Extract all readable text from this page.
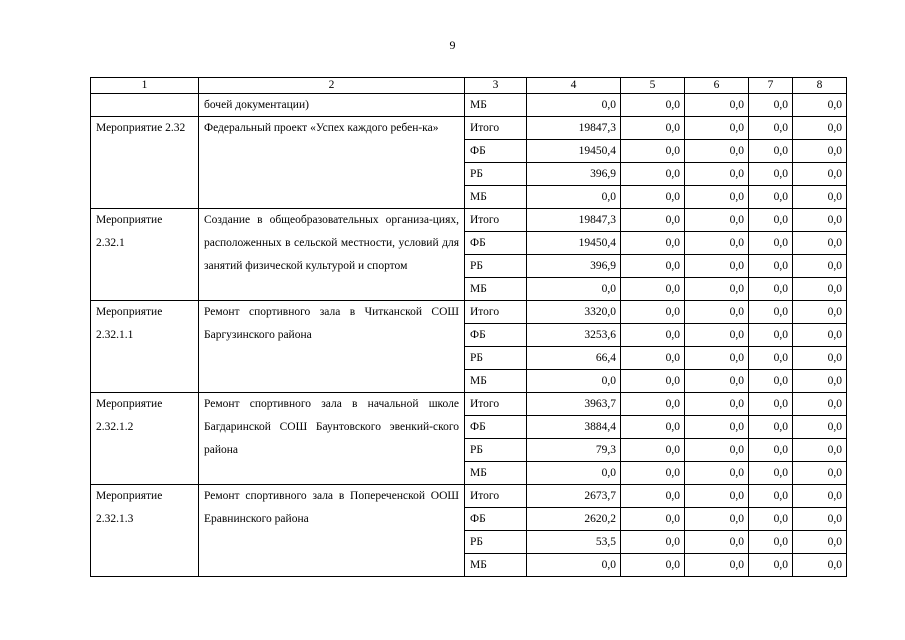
9
1	2	3	4	5	6	7	8
	бочей документации)	МБ	0,0	0,0	0,0	0,0	0,0
Мероприятие 2.32	Федеральный проект «Успех каждого ребен-ка»	Итого	19847,3	0,0	0,0	0,0	0,0
		ФБ	19450,4	0,0	0,0	0,0	0,0
		РБ	396,9	0,0	0,0	0,0	0,0
		МБ	0,0	0,0	0,0	0,0	0,0
Мероприятие 2.32.1	Создание в общеобразовательных организа-циях, расположенных в сельской местности, условий для занятий физической культурой и спортом	Итого	19847,3	0,0	0,0	0,0	0,0
		ФБ	19450,4	0,0	0,0	0,0	0,0
		РБ	396,9	0,0	0,0	0,0	0,0
		МБ	0,0	0,0	0,0	0,0	0,0
Мероприятие 2.32.1.1	Ремонт спортивного зала в Читканской СОШ Баргузинского района	Итого	3320,0	0,0	0,0	0,0	0,0
		ФБ	3253,6	0,0	0,0	0,0	0,0
		РБ	66,4	0,0	0,0	0,0	0,0
		МБ	0,0	0,0	0,0	0,0	0,0
Мероприятие 2.32.1.2	Ремонт спортивного зала в начальной школе Багдаринской СОШ Баунтовского эвенкий-ского района	Итого	3963,7	0,0	0,0	0,0	0,0
		ФБ	3884,4	0,0	0,0	0,0	0,0
		РБ	79,3	0,0	0,0	0,0	0,0
		МБ	0,0	0,0	0,0	0,0	0,0
Мероприятие 2.32.1.3	Ремонт спортивного зала в Попереченской ООШ Еравнинского района	Итого	2673,7	0,0	0,0	0,0	0,0
		ФБ	2620,2	0,0	0,0	0,0	0,0
		РБ	53,5	0,0	0,0	0,0	0,0
		МБ	0,0	0,0	0,0	0,0	0,0
